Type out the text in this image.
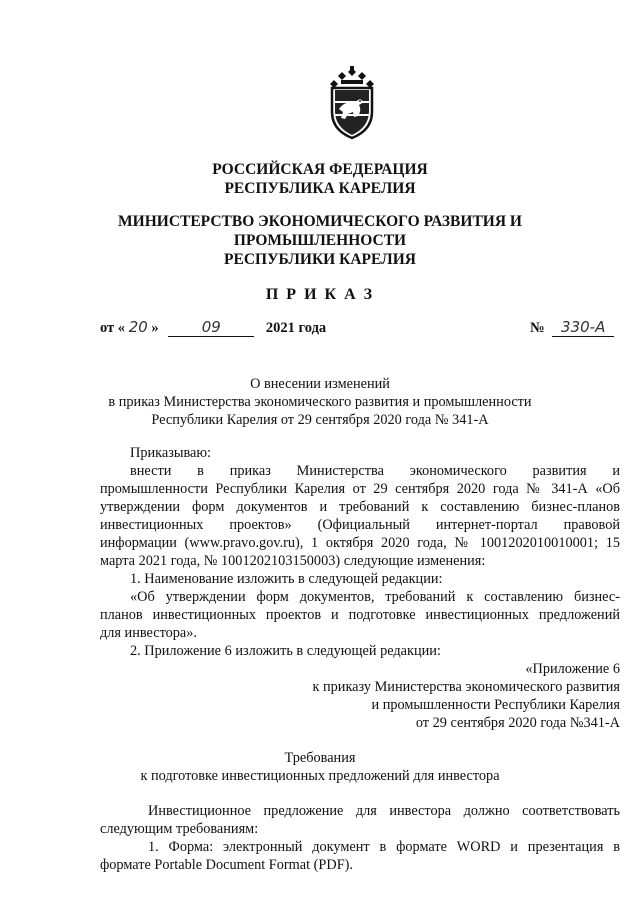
РОССИЙСКАЯ ФЕДЕРАЦИЯ
РЕСПУБЛИКА КАРЕЛИЯ
МИНИСТЕРСТВО ЭКОНОМИЧЕСКОГО РАЗВИТИЯ И
ПРОМЫШЛЕННОСТИ
РЕСПУБЛИКИ КАРЕЛИЯ
П Р И К А З
от « 20 »	09	2021 года	№ 330-А
О внесении изменений
в приказ Министерства экономического развития и промышленности
Республики Карелия от 29 сентября 2020 года № 341-А
Приказываю:
внести в приказ Министерства экономического развития и
промышленности Республики Карелия от 29 сентября 2020 года № 341-А «Об
утверждении форм документов и требований к составлению бизнес-планов
инвестиционных проектов» (Официальный интернет-портал правовой
информации (www.pravo.gov.ru), 1 октября 2020 года, № 1001202010010001; 15
марта 2021 года, № 1001202103150003) следующие изменения:
1. Наименование изложить в следующей редакции:
«Об утверждении форм документов, требований к составлению бизнес-
планов инвестиционных проектов и подготовке инвестиционных предложений
для инвестора».
2. Приложение 6 изложить в следующей редакции:
«Приложение 6
к приказу Министерства экономического развития
и промышленности Республики Карелия
от 29 сентября 2020 года №341-А
Требования
к подготовке инвестиционных предложений для инвестора
Инвестиционное предложение для инвестора должно соответствовать
следующим требованиям:
1. Форма: электронный документ в формате WORD и презентация в
формате Portable Document Format (PDF).
